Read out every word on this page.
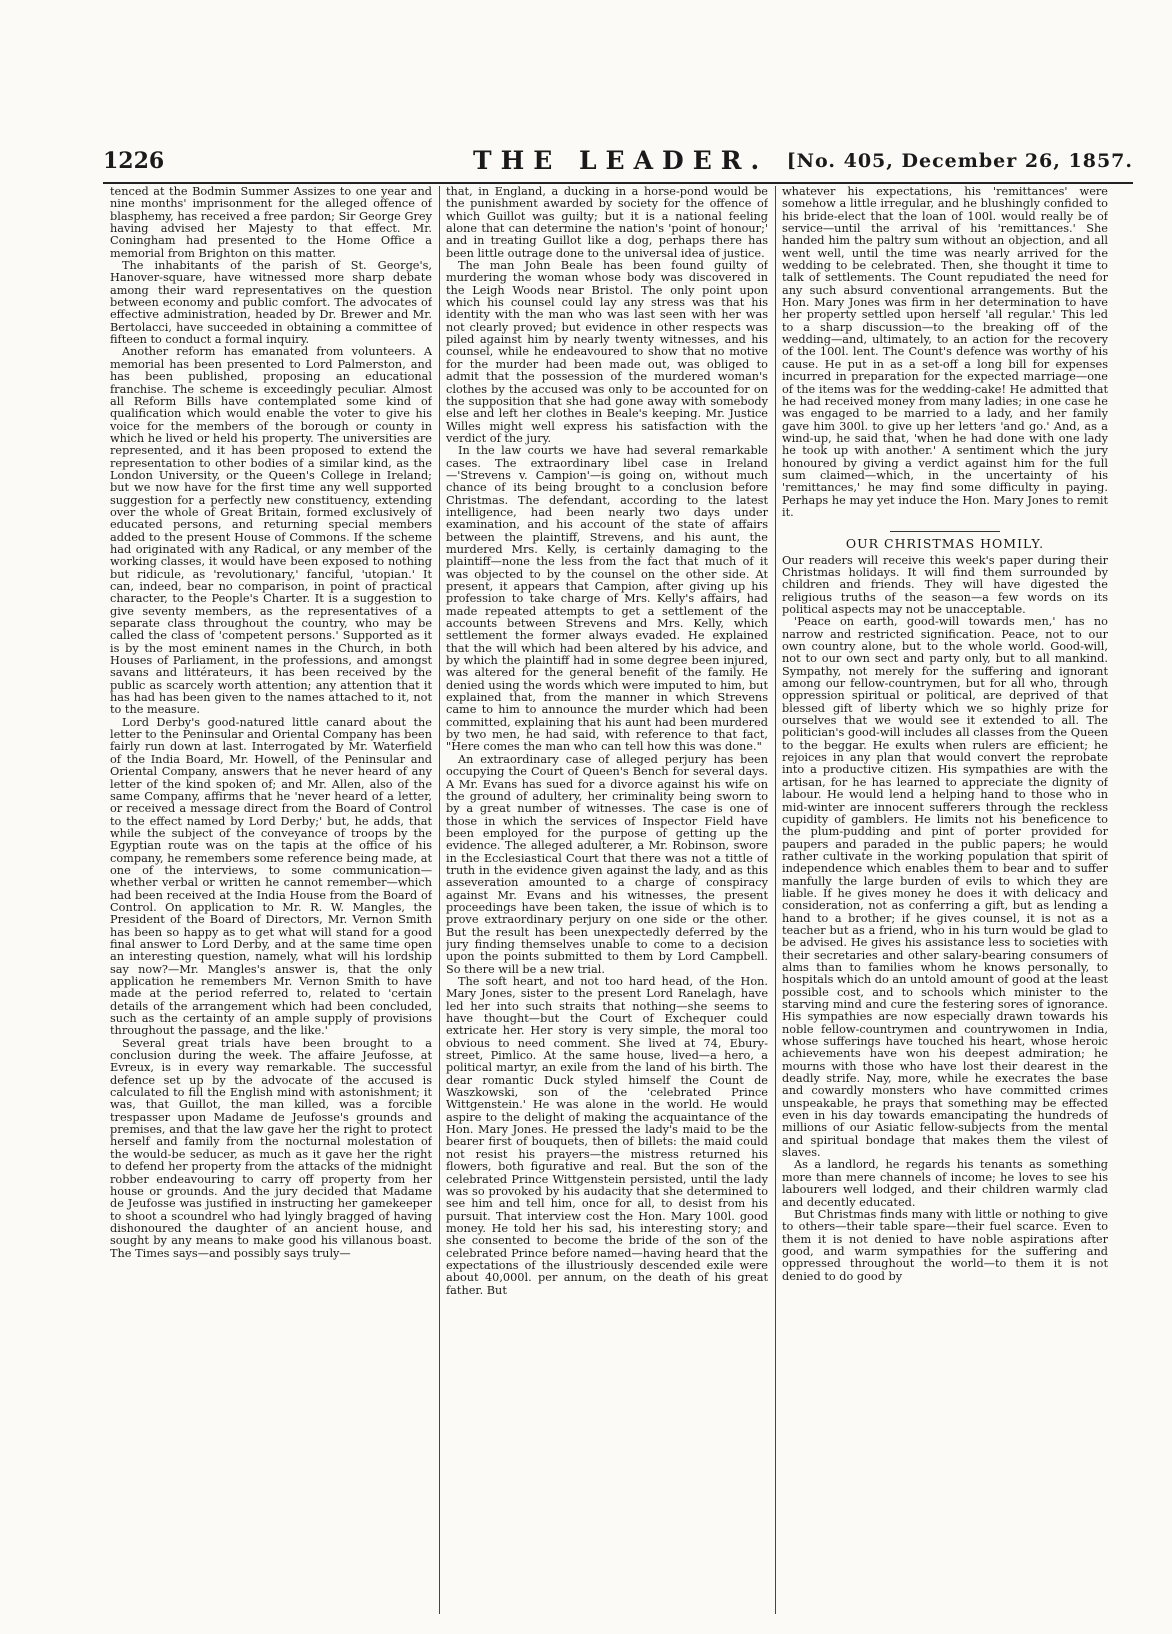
1226	THE LEADER. [No. 405, December 26, 1857.

tenced at the Bodmin Summer Assizes to one year and nine months' imprisonment for the alleged offence of blasphemy, has received a free pardon; Sir George Grey having advised her Majesty to that effect. Mr. Coningham had presented to the Home Office a memorial from Brighton on this matter.

The inhabitants of the parish of St. George's, Hanover-square, have witnessed more sharp debate among their ward representatives on the question between economy and public comfort. The advocates of effective administration, headed by Dr. Brewer and Mr. Bertolacci, have succeeded in obtaining a committee of fifteen to conduct a formal inquiry.

Another reform has emanated from volunteers. A memorial has been presented to Lord Palmerston, and has been published, proposing an educational franchise. The scheme is exceedingly peculiar. Almost all Reform Bills have contemplated some kind of qualification which would enable the voter to give his voice for the members of the borough or county in which he lived or held his property. The universities are represented, and it has been proposed to extend the representation to other bodies of a similar kind, as the London University, or the Queen's College in Ireland; but we now have for the first time any well supported suggestion for a perfectly new constituency, extending over the whole of Great Britain, formed exclusively of educated persons, and returning special members added to the present House of Commons. If the scheme had originated with any Radical, or any member of the working classes, it would have been exposed to nothing but ridicule, as 'revolutionary,' fanciful, 'utopian.' It can, indeed, bear no comparison, in point of practical character, to the People's Charter. It is a suggestion to give seventy members, as the representatives of a separate class throughout the country, who may be called the class of 'competent persons.' Supported as it is by the most eminent names in the Church, in both Houses of Parliament, in the professions, and amongst savans and littérateurs, it has been received by the public as scarcely worth attention; any attention that it has had has been given to the names attached to it, not to the measure.

Lord Derby's good-natured little canard about the letter to the Peninsular and Oriental Company has been fairly run down at last. Interrogated by Mr. Waterfield of the India Board, Mr. Howell, of the Peninsular and Oriental Company, answers that he never heard of any letter of the kind spoken of; and Mr. Allen, also of the same Company, affirms that he 'never heard of a letter, or received a message direct from the Board of Control to the effect named by Lord Derby;' but, he adds, that while the subject of the conveyance of troops by the Egyptian route was on the tapis at the office of his company, he remembers some reference being made, at one of the interviews, to some communication—whether verbal or written he cannot remember—which had been received at the India House from the Board of Control. On application to Mr. R. W. Mangles, the President of the Board of Directors, Mr. Vernon Smith has been so happy as to get what will stand for a good final answer to Lord Derby, and at the same time open an interesting question, namely, what will his lordship say now?—Mr. Mangles's answer is, that the only application he remembers Mr. Vernon Smith to have made at the period referred to, related to 'certain details of the arrangement which had been concluded, such as the certainty of an ample supply of provisions throughout the passage, and the like.'

Several great trials have been brought to a conclusion during the week. The affaire Jeufosse, at Evreux, is in every way remarkable. The successful defence set up by the advocate of the accused is calculated to fill the English mind with astonishment; it was, that Guillot, the man killed, was a forcible trespasser upon Madame de Jeufosse's grounds and premises, and that the law gave her the right to protect herself and family from the nocturnal molestation of the would-be seducer, as much as it gave her the right to defend her property from the attacks of the midnight robber endeavouring to carry off property from her house or grounds. And the jury decided that Madame de Jeufosse was justified in instructing her gamekeeper to shoot a scoundrel who had lyingly bragged of having dishonoured the daughter of an ancient house, and sought by any means to make good his villanous boast. The Times says—and possibly says truly—

that, in England, a ducking in a horse-pond would be the punishment awarded by society for the offence of which Guillot was guilty; but it is a national feeling alone that can determine the nation's 'point of honour;' and in treating Guillot like a dog, perhaps there has been little outrage done to the universal idea of justice.

The man John Beale has been found guilty of murdering the woman whose body was discovered in the Leigh Woods near Bristol. The only point upon which his counsel could lay any stress was that his identity with the man who was last seen with her was not clearly proved; but evidence in other respects was piled against him by nearly twenty witnesses, and his counsel, while he endeavoured to show that no motive for the murder had been made out, was obliged to admit that the possession of the murdered woman's clothes by the accused was only to be accounted for on the supposition that she had gone away with somebody else and left her clothes in Beale's keeping. Mr. Justice Willes might well express his satisfaction with the verdict of the jury.

In the law courts we have had several remarkable cases. The extraordinary libel case in Ireland—'Strevens v. Campion'—is going on, without much chance of its being brought to a conclusion before Christmas. The defendant, according to the latest intelligence, had been nearly two days under examination, and his account of the state of affairs between the plaintiff, Strevens, and his aunt, the murdered Mrs. Kelly, is certainly damaging to the plaintiff—none the less from the fact that much of it was objected to by the counsel on the other side. At present, it appears that Campion, after giving up his profession to take charge of Mrs. Kelly's affairs, had made repeated attempts to get a settlement of the accounts between Strevens and Mrs. Kelly, which settlement the former always evaded. He explained that the will which had been altered by his advice, and by which the plaintiff had in some degree been injured, was altered for the general benefit of the family. He denied using the words which were imputed to him, but explained that, from the manner in which Strevens came to him to announce the murder which had been committed, explaining that his aunt had been murdered by two men, he had said, with reference to that fact, "Here comes the man who can tell how this was done."

An extraordinary case of alleged perjury has been occupying the Court of Queen's Bench for several days. A Mr. Evans has sued for a divorce against his wife on the ground of adultery, her criminality being sworn to by a great number of witnesses. The case is one of those in which the services of Inspector Field have been employed for the purpose of getting up the evidence. The alleged adulterer, a Mr. Robinson, swore in the Ecclesiastical Court that there was not a tittle of truth in the evidence given against the lady, and as this asseveration amounted to a charge of conspiracy against Mr. Evans and his witnesses, the present proceedings have been taken, the issue of which is to prove extraordinary perjury on one side or the other. But the result has been unexpectedly deferred by the jury finding themselves unable to come to a decision upon the points submitted to them by Lord Campbell. So there will be a new trial.

The soft heart, and not too hard head, of the Hon. Mary Jones, sister to the present Lord Ranelagh, have led her into such straits that nothing—she seems to have thought—but the Court of Exchequer could extricate her. Her story is very simple, the moral too obvious to need comment. She lived at 74, Ebury-street, Pimlico. At the same house, lived—a hero, a political martyr, an exile from the land of his birth. The dear romantic Duck styled himself the Count de Waszkowski, son of the 'celebrated Prince Wittgenstein.' He was alone in the world. He would aspire to the delight of making the acquaintance of the Hon. Mary Jones. He pressed the lady's maid to be the bearer first of bouquets, then of billets: the maid could not resist his prayers—the mistress returned his flowers, both figurative and real. But the son of the celebrated Prince Wittgenstein persisted, until the lady was so provoked by his audacity that she determined to see him and tell him, once for all, to desist from his pursuit. That interview cost the Hon. Mary 100l. good money. He told her his sad, his interesting story; and she consented to become the bride of the son of the celebrated Prince before named—having heard that the expectations of the illustriously descended exile were about 40,000l. per annum, on the death of his great father. But

whatever his expectations, his 'remittances' were somehow a little irregular, and he blushingly confided to his bride-elect that the loan of 100l. would really be of service—until the arrival of his 'remittances.' She handed him the paltry sum without an objection, and all went well, until the time was nearly arrived for the wedding to be celebrated. Then, she thought it time to talk of settlements. The Count repudiated the need for any such absurd conventional arrangements. But the Hon. Mary Jones was firm in her determination to have her property settled upon herself 'all regular.' This led to a sharp discussion—to the breaking off of the wedding—and, ultimately, to an action for the recovery of the 100l. lent. The Count's defence was worthy of his cause. He put in as a set-off a long bill for expenses incurred in preparation for the expected marriage—one of the items was for the wedding-cake! He admitted that he had received money from many ladies; in one case he was engaged to be married to a lady, and her family gave him 300l. to give up her letters 'and go.' And, as a wind-up, he said that, 'when he had done with one lady he took up with another.' A sentiment which the jury honoured by giving a verdict against him for the full sum claimed—which, in the uncertainty of his 'remittances,' he may find some difficulty in paying. Perhaps he may yet induce the Hon. Mary Jones to remit it.

OUR CHRISTMAS HOMILY.

Our readers will receive this week's paper during their Christmas holidays. It will find them surrounded by children and friends. They will have digested the religious truths of the season—a few words on its political aspects may not be unacceptable.

'Peace on earth, good-will towards men,' has no narrow and restricted signification. Peace, not to our own country alone, but to the whole world. Good-will, not to our own sect and party only, but to all mankind. Sympathy, not merely for the suffering and ignorant among our fellow-countrymen, but for all who, through oppression spiritual or political, are deprived of that blessed gift of liberty which we so highly prize for ourselves that we would see it extended to all. The politician's good-will includes all classes from the Queen to the beggar. He exults when rulers are efficient; he rejoices in any plan that would convert the reprobate into a productive citizen. His sympathies are with the artisan, for he has learned to appreciate the dignity of labour. He would lend a helping hand to those who in mid-winter are innocent sufferers through the reckless cupidity of gamblers. He limits not his beneficence to the plum-pudding and pint of porter provided for paupers and paraded in the public papers; he would rather cultivate in the working population that spirit of independence which enables them to bear and to suffer manfully the large burden of evils to which they are liable. If he gives money he does it with delicacy and consideration, not as conferring a gift, but as lending a hand to a brother; if he gives counsel, it is not as a teacher but as a friend, who in his turn would be glad to be advised. He gives his assistance less to societies with their secretaries and other salary-bearing consumers of alms than to families whom he knows personally, to hospitals which do an untold amount of good at the least possible cost, and to schools which minister to the starving mind and cure the festering sores of ignorance. His sympathies are now especially drawn towards his noble fellow-countrymen and countrywomen in India, whose sufferings have touched his heart, whose heroic achievements have won his deepest admiration; he mourns with those who have lost their dearest in the deadly strife. Nay, more, while he execrates the base and cowardly monsters who have committed crimes unspeakable, he prays that something may be effected even in his day towards emancipating the hundreds of millions of our Asiatic fellow-subjects from the mental and spiritual bondage that makes them the vilest of slaves.

As a landlord, he regards his tenants as something more than mere channels of income; he loves to see his labourers well lodged, and their children warmly clad and decently educated.

But Christmas finds many with little or nothing to give to others—their table spare—their fuel scarce. Even to them it is not denied to have noble aspirations after good, and warm sympathies for the suffering and oppressed throughout the world—to them it is not denied to do good by
